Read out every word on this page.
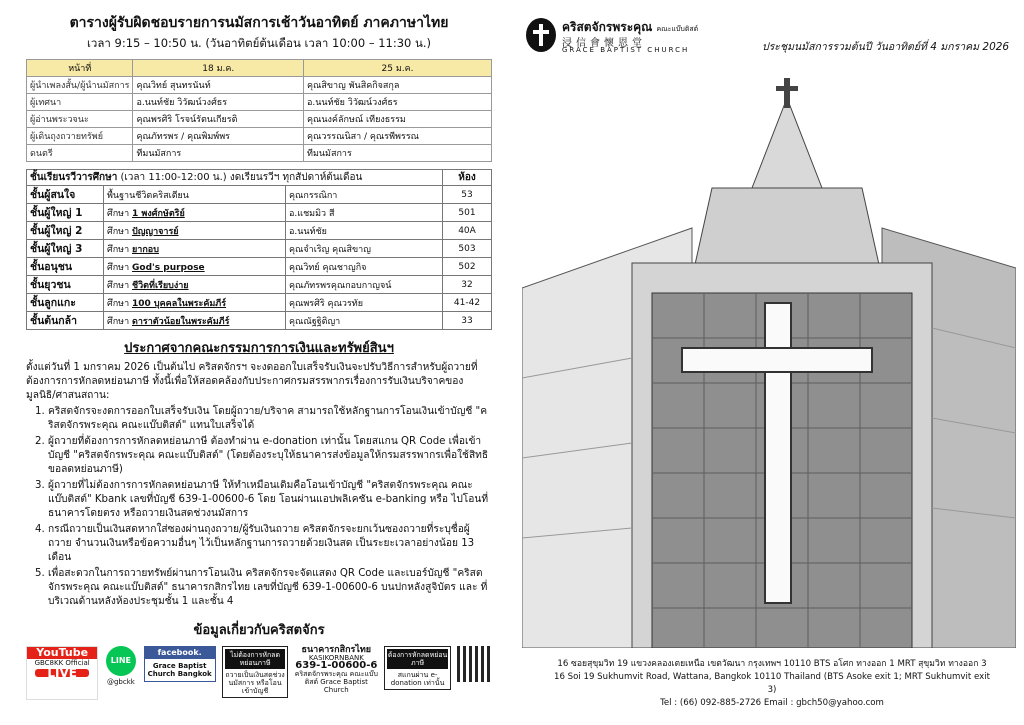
ตารางผู้รับผิดชอบรายการนมัสการเช้าวันอาทิตย์ ภาคภาษาไทย
เวลา 9:15 – 10:50 น. (วันอาทิตย์ต้นเดือน เวลา 10:00 – 11:30 น.)
หน้าที่	18 ม.ค.	25 ม.ค.
ผู้นำเพลงสั้น/ผู้นำนมัสการ	คุณวิทย์ สุนทรนันท์	คุณสิขาญ พันสิคกิจสกุล
ผู้เทศนา	อ.นนท์ชัย วิวัฒน์วงศ์ธร	อ.นนท์ชัย วิวัฒน์วงศ์ธร
ผู้อ่านพระวจนะ	คุณพรศิริ โรจน์รัตนเกียรติ	คุณนงค์ลักษณ์ เทียงธรรม
ผู้เดินถุงถวายทรัพย์	คุณภัทรพร / คุณพิมพ์พร	คุณวรรณนิสา / คุณรพีพรรณ
ดนตรี	ทีมนมัสการ	ทีมนมัสการ
ชั้นเรียนรวีวารศึกษา (เวลา 11:00-12:00 น.) งดเรียนรวีฯ ทุกสัปดาห์ต้นเดือน			ห้อง
ชั้นผู้สนใจ	พื้นฐานชีวิตคริสเตียน	คุณกรรณิกา	53
ชั้นผู้ใหญ่ 1	ศึกษา 1 พงศ์กษัตริย์	อ.แชมมิว สี	501
ชั้นผู้ใหญ่ 2	ศึกษา ปัญญาจารย์	อ.นนท์ชัย	40A
ชั้นผู้ใหญ่ 3	ศึกษา ยากอบ	คุณจำเริญ คุณสิขาญ	503
ชั้นอนุชน	ศึกษา God's purpose	คุณวิทย์ คุณชาญกิจ	502
ชั้นยุวชน	ศึกษา ชีวิตที่เรียบง่าย	คุณภัทรพรคุณกอบกาญจน์	32
ชั้นลูกแกะ	ศึกษา 100 บุคคลในพระคัมภีร์	คุณพรศิริ คุณวรทัย	41-42
ชั้นต้นกล้า	ศึกษา ดาราตัวน้อยในพระคัมภีร์	คุณณัฐฐิติญา	33
ประกาศจากคณะกรรมการการเงินและทรัพย์สินฯ

ตั้งแต่วันที่ 1 มกราคม 2026 เป็นต้นไป คริสตจักรฯ จะงดออกใบเสร็จรับเงินจะปรับวิธีการสำหรับผู้ถวายที่ต้องการการหักลดหย่อนภาษี ทั้งนี้เพื่อให้สอดคล้องกับประกาศกรมสรรพากรเรื่องการรับเงินบริจาคของมูลนิธิ/ศาสนสถาน:

1. คริสตจักรจะงดการออกใบเสร็จรับเงิน โดยผู้ถวาย/บริจาค สามารถใช้หลักฐานการโอนเงินเข้าบัญชี "คริสตจักรพระคุณ คณะแบ๊บติสต์" แทนใบเสร็จได้
2. ผู้ถวายที่ต้องการการหักลดหย่อนภาษี ต้องทำผ่าน e-donation เท่านั้น โดยสแกน QR Code เพื่อเข้าบัญชี "คริสตจักรพระคุณ คณะแบ๊บติสต์" (โดยต้องระบุให้ธนาคารส่งข้อมูลให้กรมสรรพากรเพื่อใช้สิทธิขอลดหย่อนภาษี)
3. ผู้ถวายที่ไม่ต้องการการหักลดหย่อนภาษี ให้ทำเหมือนเดิมคือโอนเข้าบัญชี "คริสตจักรพระคุณ คณะแบ๊บติสต์" Kbank เลขที่บัญชี 639-1-00600-6 โดย โอนผ่านแอปพลิเคชัน e-banking หรือ ไปโอนที่ธนาคารโดยตรง หรือถวายเงินสดช่วงนมัสการ
4. กรณีถวายเป็นเงินสดหากใส่ซองผ่านถุงถวาย/ผู้รับเงินถวาย คริสตจักรจะยกเว้นซองถวายที่ระบุชื่อผู้ถวาย จำนวนเงินหรือข้อความอื่นๆ ไว้เป็นหลักฐานการถวายด้วยเงินสด เป็นระยะเวลาอย่างน้อย 13 เดือน
5. เพื่อสะดวกในการถวายทรัพย์ผ่านการโอนเงิน คริสตจักรจะจัดแสดง QR Code และเบอร์บัญชี "คริสตจักรพระคุณ คณะแบ๊บติสต์" ธนาคารกสิกรไทย เลขที่บัญชี 639-1-00600-6 บนปกหลังสูจิบัตร และ ที่บริเวณด้านหลังห้องประชุมชั้น 1 และชั้น 4
ข้อมูลเกี่ยวกับคริสตจักร
YouTube
GBC8KK Official
LIVE
LINE
@gbckk
facebook.
Grace Baptist Church Bangkok
ไม่ต้องการหักลดหย่อนภาษี
ถวายเป็นเงินสดช่วงนมัสการ หรือโอนเข้าบัญชี
ธนาคารกสิกรไทย
KASIKORNBANK
639-1-00600-6
คริสตจักรพระคุณ คณะแบ๊บติสต์ Grace Baptist Church
ต้องการหักลดหย่อนภาษี
สแกนผ่าน e-donation เท่านั้น
คริสตจักรพระคุณ คณะแบ๊บติสต์
浸信會懷恩堂
GRACE BAPTIST CHURCH	ประชุมนมัสการรวมต้นปี วันอาทิตย์ที่ 4 มกราคม 2026
16 ซอยสุขุมวิท 19 แขวงคลองเตยเหนือ เขตวัฒนา กรุงเทพฯ 10110 BTS อโศก ทางออก 1 MRT สุขุมวิท ทางออก 3
16 Soi 19 Sukhumvit Road, Wattana, Bangkok 10110 Thailand (BTS Asoke exit 1; MRT Sukhumvit exit 3)
Tel : (66) 092-885-2726 Email : gbch50@yahoo.com
